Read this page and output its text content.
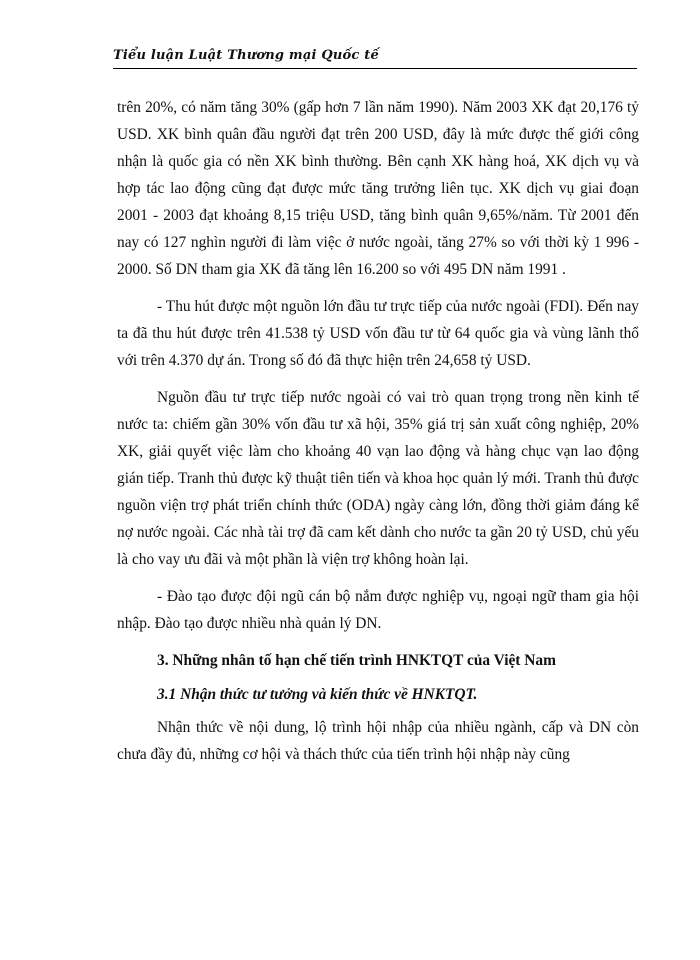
Tiểu luận Luật Thương mại Quốc tế

trên 20%, có năm tăng 30% (gấp hơn 7 lần năm 1990). Năm 2003 XK đạt 20,176 tỷ USD. XK bình quân đầu người đạt trên 200 USD, đây là mức được thế giới công nhận là quốc gia có nền XK bình thường. Bên cạnh XK hàng hoá, XK dịch vụ và hợp tác lao động cũng đạt được mức tăng trưởng liên tục. XK dịch vụ giai đoạn 2001 - 2003 đạt khoảng 8,15 triệu USD, tăng bình quân 9,65%/năm. Từ 2001 đến nay có 127 nghìn người đi làm việc ở nước ngoài, tăng 27% so với thời kỳ 1 996 - 2000. Số DN tham gia XK đã tăng lên 16.200 so với 495 DN năm 1991 .

- Thu hút được một nguồn lớn đầu tư trực tiếp của nước ngoài (FDI). Đến nay ta đã thu hút được trên 41.538 tỷ USD vốn đầu tư từ 64 quốc gia và vùng lãnh thổ với trên 4.370 dự án. Trong số đó đã thực hiện trên 24,658 tỷ USD.

Nguồn đầu tư trực tiếp nước ngoài có vai trò quan trọng trong nền kinh tế nước ta: chiếm gần 30% vốn đầu tư xã hội, 35% giá trị sản xuất công nghiệp, 20% XK, giải quyết việc làm cho khoảng 40 vạn lao động và hàng chục vạn lao động gián tiếp. Tranh thủ được kỹ thuật tiên tiến và khoa học quản lý mới. Tranh thủ được nguồn viện trợ phát triển chính thức (ODA) ngày càng lớn, đồng thời giảm đáng kể nợ nước ngoài. Các nhà tài trợ đã cam kết dành cho nước ta gần 20 tỷ USD, chủ yếu là cho vay ưu đãi và một phần là viện trợ không hoàn lại.

- Đào tạo được đội ngũ cán bộ nắm được nghiệp vụ, ngoại ngữ tham gia hội nhập. Đào tạo được nhiều nhà quản lý DN.

3. Những nhân tố hạn chế tiến trình HNKTQT của Việt Nam
3.1 Nhận thức tư tưởng và kiến thức về HNKTQT.

Nhận thức về nội dung, lộ trình hội nhập của nhiều ngành, cấp và DN còn chưa đầy đủ, những cơ hội và thách thức của tiến trình hội nhập này cũng
